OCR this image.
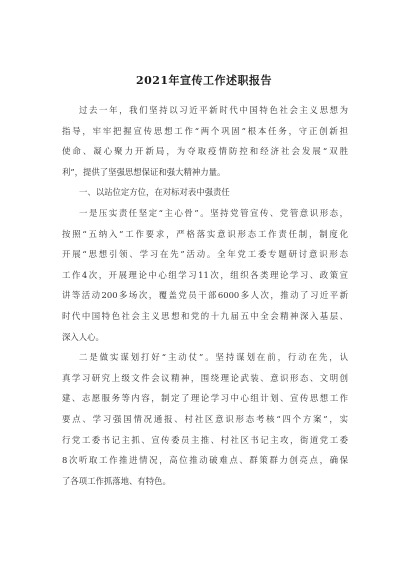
2021年宣传工作述职报告
过去一年，我们坚持以习近平新时代中国特色社会主义思想为
指导，牢牢把握宣传思想工作“两个巩固”根本任务，守正创新担
使命、凝心聚力开新局，为夺取疫情防控和经济社会发展“双胜
利”，提供了坚强思想保证和强大精神力量。
一、以站位定方位，在对标对表中强责任
一是压实责任坚定“主心骨”。坚持党管宣传、党管意识形态，
按照“五纳入”工作要求，严格落实意识形态工作责任制，制度化
开展“思想引领、学习在先”活动。全年党工委专题研讨意识形态
工作4次，开展理论中心组学习11次，组织各类理论学习、政策宣
讲等活动200多场次，覆盖党员干部6000多人次，推动了习近平新
时代中国特色社会主义思想和党的十九届五中全会精神深入基层、
深入人心。
二是做实谋划打好“主动仗”。坚持谋划在前，行动在先，认
真学习研究上级文件会议精神，围绕理论武装、意识形态、文明创
建、志愿服务等内容，制定了理论学习中心组计划、宣传思想工作
要点、学习强国情况通报、村社区意识形态考核“四个方案”，实
行党工委书记主抓、宣传委员主推、村社区书记主攻，街道党工委
8次听取工作推进情况，高位推动破难点、群策群力创亮点，确保
了各项工作抓落地、有特色。
